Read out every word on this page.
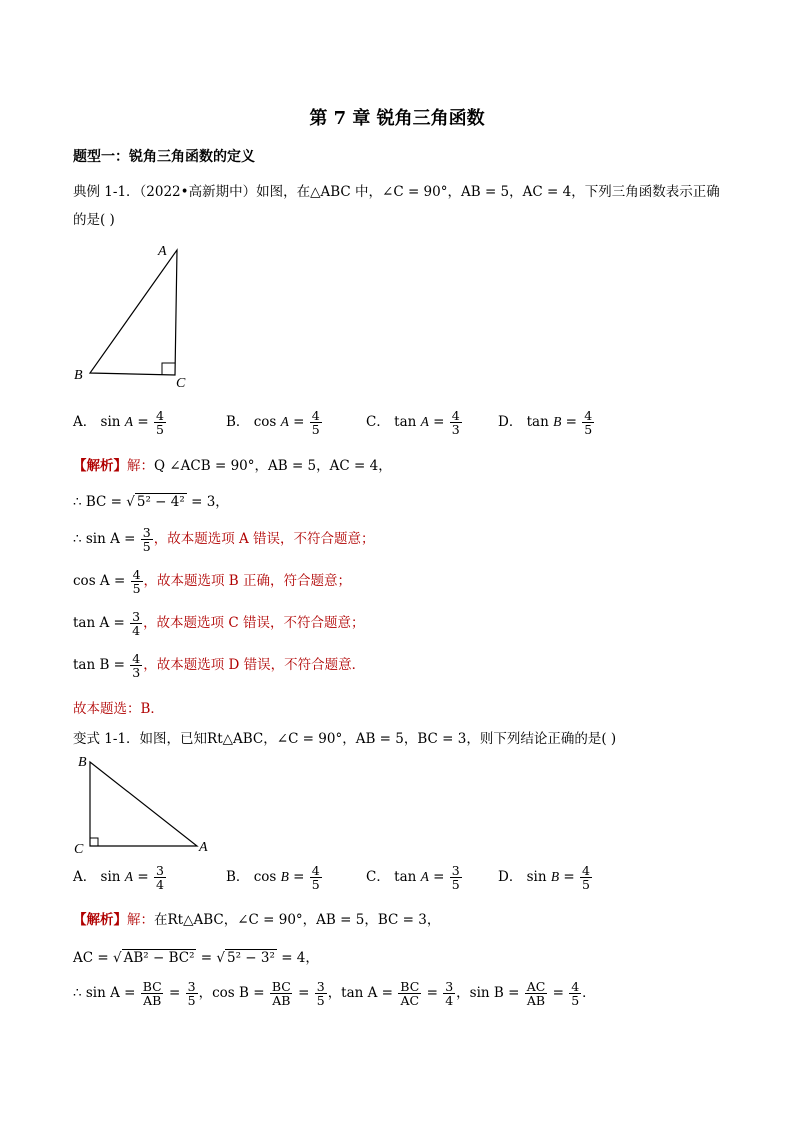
第 7 章 锐角三角函数
题型一：锐角三角函数的定义
典例 1-1．（2022•高新期中）如图，在△ABC 中，∠C = 90°，AB = 5，AC = 4，下列三角函数表示正确
的是( )
A
B
C
A． $\sin A = \frac{4}{5}$	B． $\cos A = \frac{4}{5}$	C． $\tan A = \frac{4}{3}$	D． $\tan B = \frac{4}{5}$
【解析】解：Q ∠ACB = 90°，AB = 5，AC = 4，
∴ BC = √ 5² − 4² = 3，
∴ $\sin A = \frac{3}{5}$ ，故本题选项 A 错误，不符合题意；
$\cos A = \frac{4}{5}$ ，故本题选项 B 正确，符合题意；
$\tan A = \frac{3}{4}$ ，故本题选项 C 错误，不符合题意；
$\tan B = \frac{4}{3}$ ，故本题选项 D 错误，不符合题意．
故本题选：B．
变式 1-1．如图，已知Rt△ABC，∠C = 90°，AB = 5，BC = 3，则下列结论正确的是( )
B
C	A
A． $\sin A = \frac{3}{4}$	B． $\cos B = \frac{4}{5}$	C． $\tan A = \frac{3}{5}$	D． $\sin B = \frac{4}{5}$
【解析】解：在Rt△ABC，∠C = 90°，AB = 5，BC = 3，
AC = √ AB² − BC² = √ 5² − 3² = 4，
∴ $\sin A = \frac{BC}{AB} = \frac{3}{5}$ ，$\cos B = \frac{BC}{AB} = \frac{3}{5}$ ，$\tan A = \frac{BC}{AC} = \frac{3}{4}$ ，$\sin B = \frac{AC}{AB} = \frac{4}{5}$ ．
